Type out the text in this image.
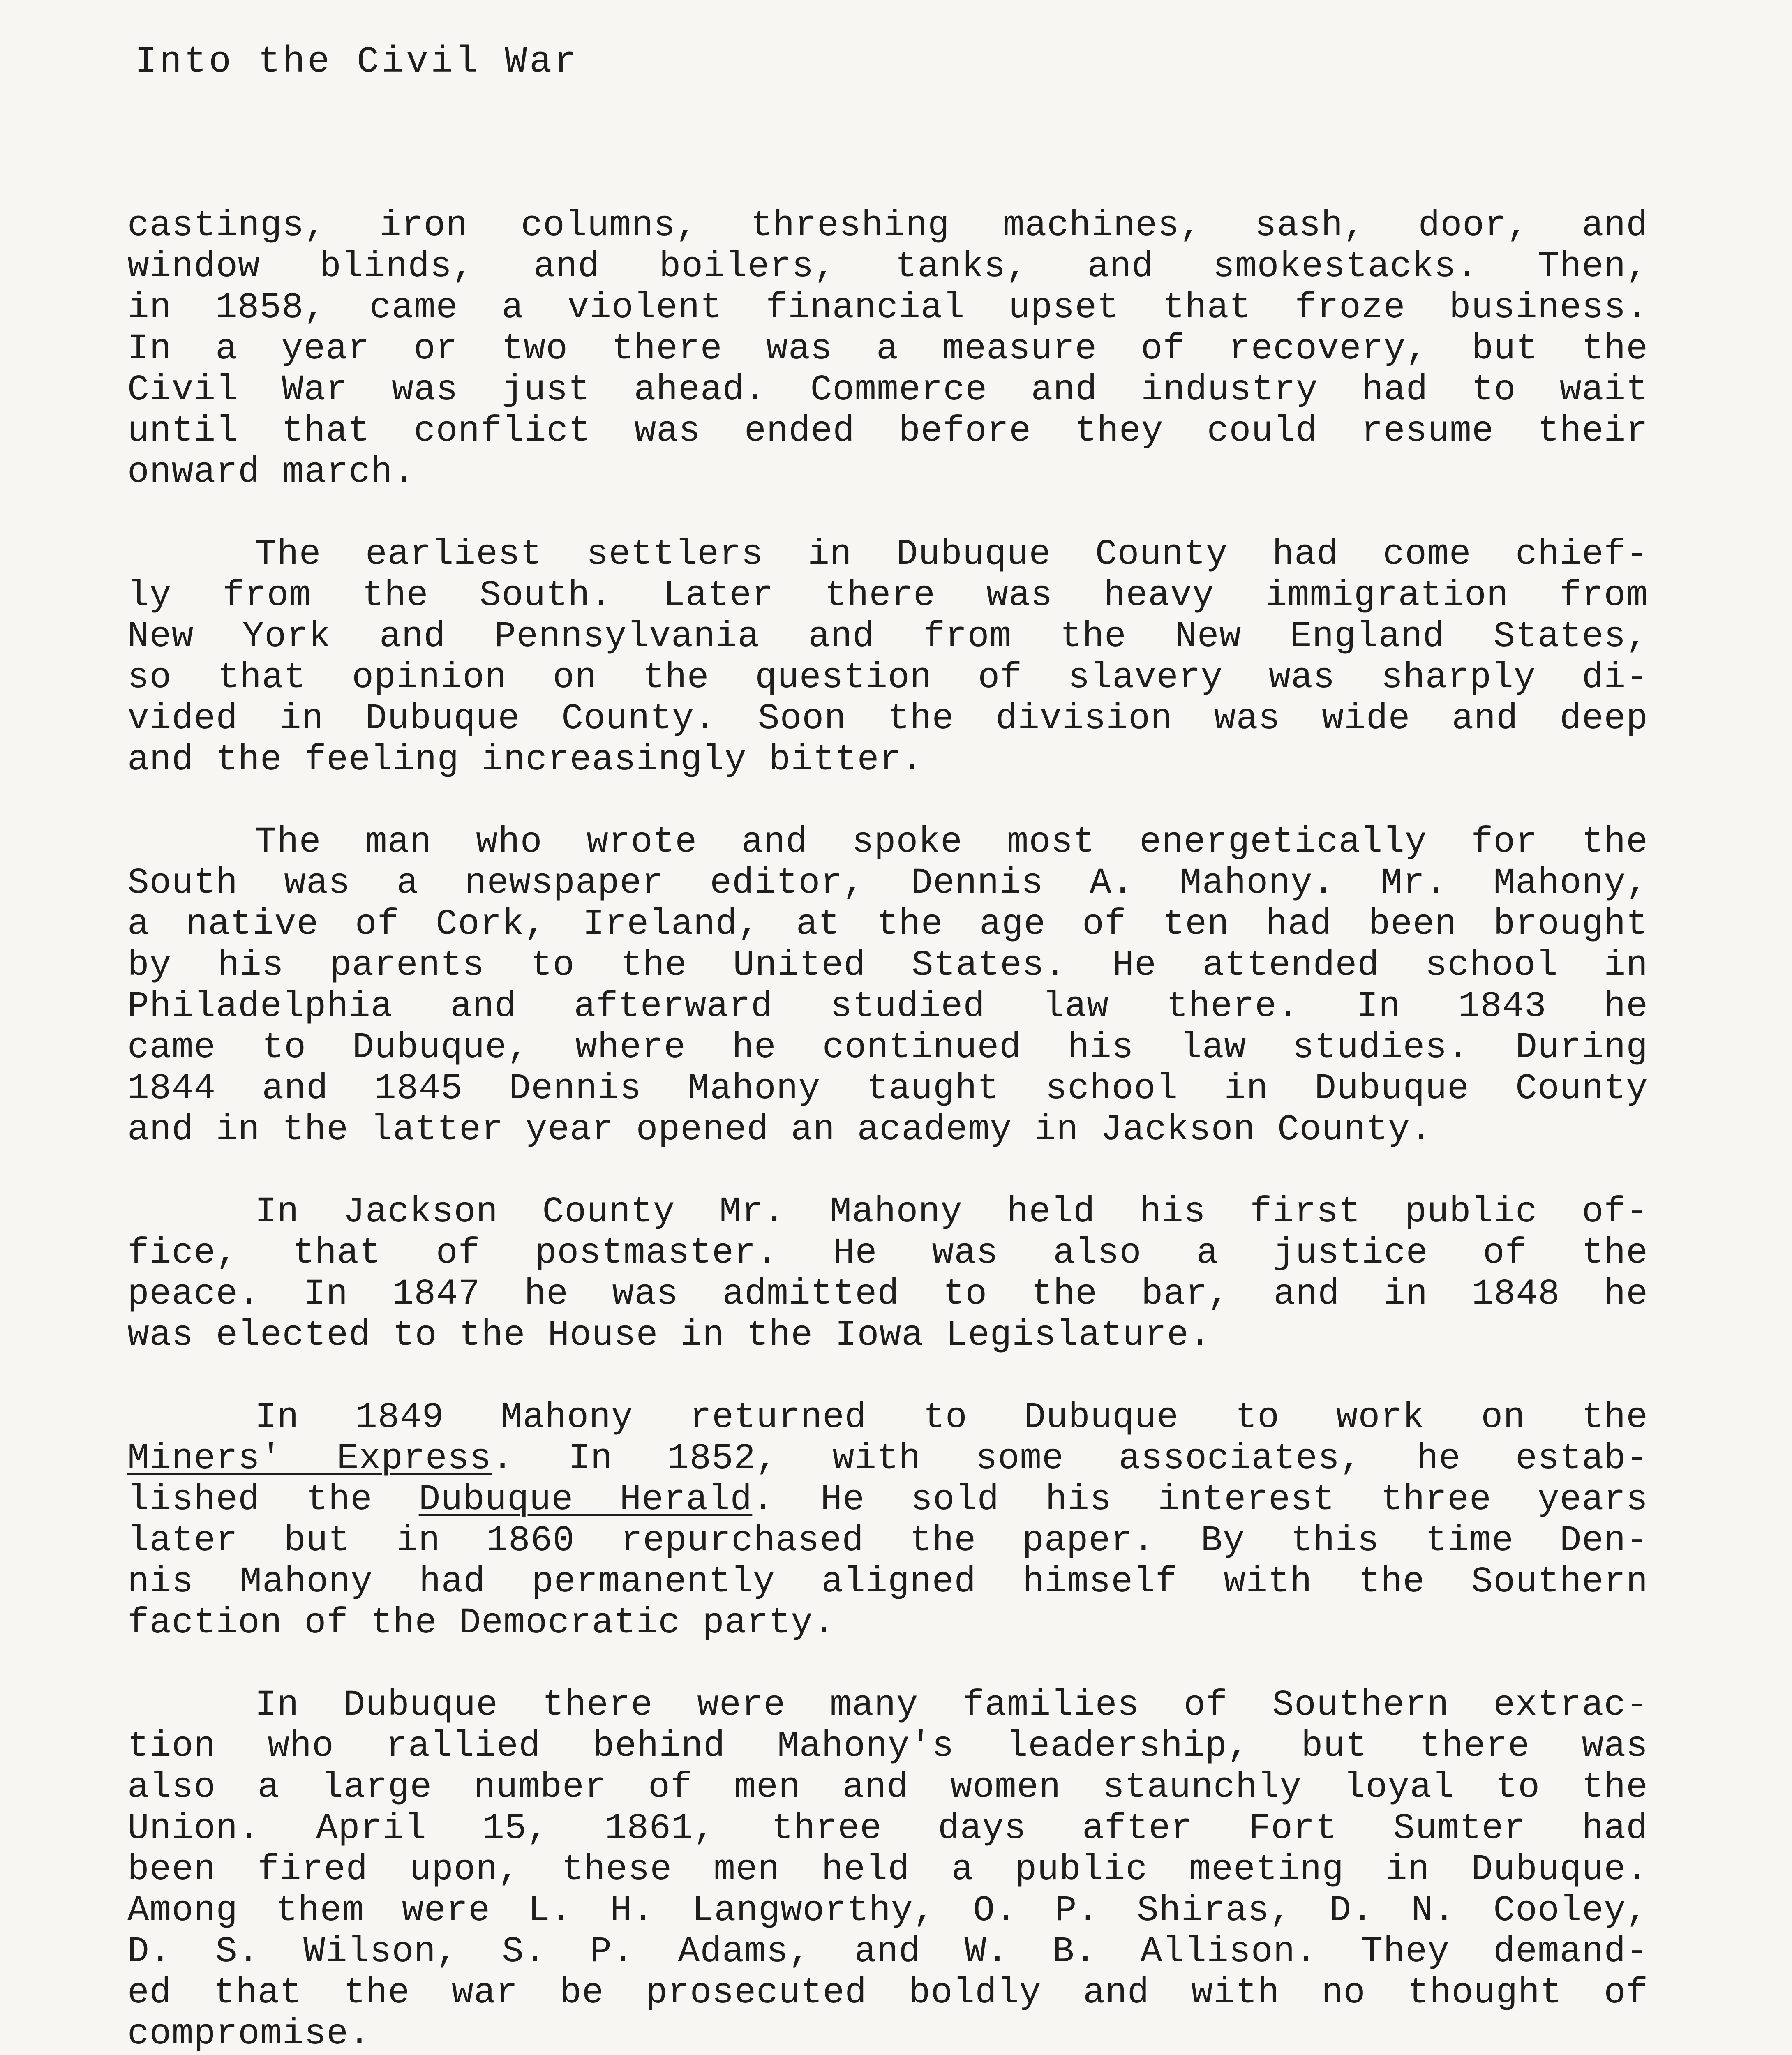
Into the Civil War
castings, iron columns, threshing machines, sash, door, and
window blinds, and boilers, tanks, and smokestacks. Then,
in 1858, came a violent financial upset that froze business.
In a year or two there was a measure of recovery, but the
Civil War was just ahead. Commerce and industry had to wait
until that conflict was ended before they could resume their
onward march.
The earliest settlers in Dubuque County had come chief-
ly from the South. Later there was heavy immigration from
New York and Pennsylvania and from the New England States,
so that opinion on the question of slavery was sharply di-
vided in Dubuque County. Soon the division was wide and deep
and the feeling increasingly bitter.
The man who wrote and spoke most energetically for the
South was a newspaper editor, Dennis A. Mahony. Mr. Mahony,
a native of Cork, Ireland, at the age of ten had been brought
by his parents to the United States. He attended school in
Philadelphia and afterward studied law there. In 1843 he
came to Dubuque, where he continued his law studies. During
1844 and 1845 Dennis Mahony taught school in Dubuque County
and in the latter year opened an academy in Jackson County.
In Jackson County Mr. Mahony held his first public of-
fice, that of postmaster. He was also a justice of the
peace. In 1847 he was admitted to the bar, and in 1848 he
was elected to the House in the Iowa Legislature.
In 1849 Mahony returned to Dubuque to work on the
Miners' Express. In 1852, with some associates, he estab-
lished the Dubuque Herald. He sold his interest three years
later but in 1860 repurchased the paper. By this time Den-
nis Mahony had permanently aligned himself with the Southern
faction of the Democratic party.
In Dubuque there were many families of Southern extrac-
tion who rallied behind Mahony's leadership, but there was
also a large number of men and women staunchly loyal to the
Union. April 15, 1861, three days after Fort Sumter had
been fired upon, these men held a public meeting in Dubuque.
Among them were L. H. Langworthy, O. P. Shiras, D. N. Cooley,
D. S. Wilson, S. P. Adams, and W. B. Allison. They demand-
ed that the war be prosecuted boldly and with no thought of
compromise.
